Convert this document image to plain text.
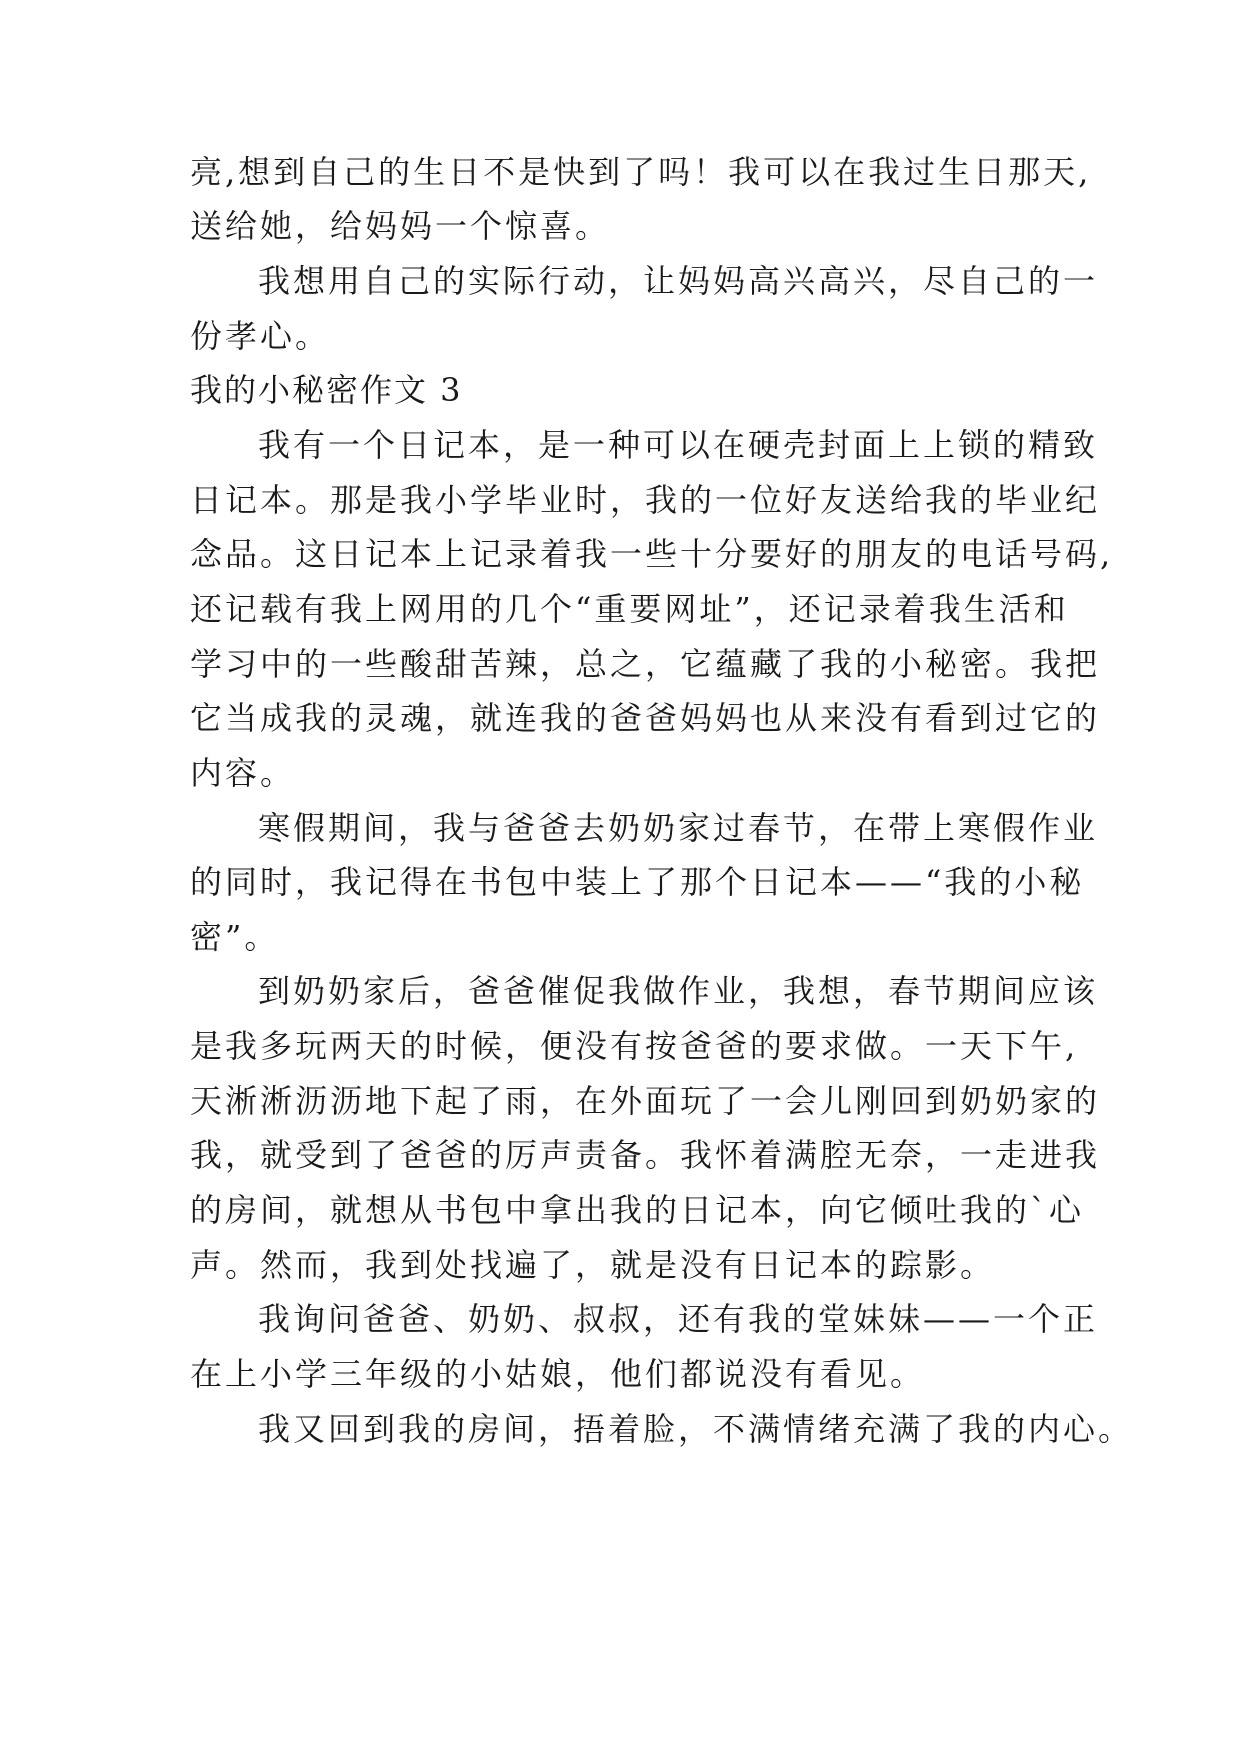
亮,想到自己的生日不是快到了吗！我可以在我过生日那天,
送给她，给妈妈一个惊喜。
我想用自己的实际行动，让妈妈高兴高兴，尽自己的一
份孝心。
我的小秘密作文 3
我有一个日记本，是一种可以在硬壳封面上上锁的精致
日记本。那是我小学毕业时，我的一位好友送给我的毕业纪
念品。这日记本上记录着我一些十分要好的朋友的电话号码,
还记载有我上网用的几个“重要网址”，还记录着我生活和
学习中的一些酸甜苦辣，总之，它蕴藏了我的小秘密。我把
它当成我的灵魂，就连我的爸爸妈妈也从来没有看到过它的
内容。
寒假期间，我与爸爸去奶奶家过春节，在带上寒假作业
的同时，我记得在书包中装上了那个日记本——“我的小秘
密”。
到奶奶家后，爸爸催促我做作业，我想，春节期间应该
是我多玩两天的时候，便没有按爸爸的要求做。一天下午,
天淅淅沥沥地下起了雨，在外面玩了一会儿刚回到奶奶家的
我，就受到了爸爸的厉声责备。我怀着满腔无奈，一走进我
的房间，就想从书包中拿出我的日记本，向它倾吐我的`心
声。然而，我到处找遍了，就是没有日记本的踪影。
我询问爸爸、奶奶、叔叔，还有我的堂妹妹——一个正
在上小学三年级的小姑娘，他们都说没有看见。
我又回到我的房间，捂着脸，不满情绪充满了我的内心。
